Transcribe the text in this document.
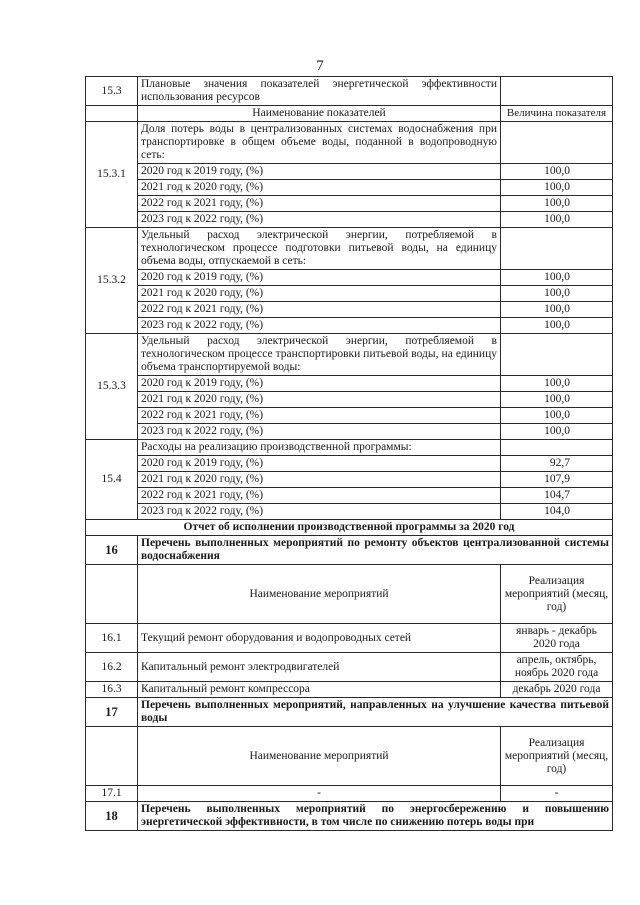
7
15.3	Плановые значения показателей энергетической эффективности использования ресурсов	
	Наименование показателей	Величина показателя
15.3.1	Доля потерь воды в централизованных системах водоснабжения при транспортировке в общем объеме воды, поданной в водопроводную сеть:	
	2020 год к 2019 году, (%)	100,0
	2021 год к 2020 году, (%)	100,0
	2022 год к 2021 году, (%)	100,0
	2023 год к 2022 году, (%)	100,0
15.3.2	Удельный расход электрической энергии, потребляемой в технологическом процессе подготовки питьевой воды, на единицу объема воды, отпускаемой в сеть:	
	2020 год к 2019 году, (%)	100,0
	2021 год к 2020 году, (%)	100,0
	2022 год к 2021 году, (%)	100,0
	2023 год к 2022 году, (%)	100,0
15.3.3	Удельный расход электрической энергии, потребляемой в технологическом процессе транспортировки питьевой воды, на единицу объема транспортируемой воды:	
	2020 год к 2019 году, (%)	100,0
	2021 год к 2020 году, (%)	100,0
	2022 год к 2021 году, (%)	100,0
	2023 год к 2022 году, (%)	100,0
15.4	Расходы на реализацию производственной программы:	
	2020 год к 2019 году, (%)	92,7
	2021 год к 2020 году, (%)	107,9
	2022 год к 2021 году, (%)	104,7
	2023 год к 2022 году, (%)	104,0
Отчет об исполнении производственной программы за 2020 год		
16	Перечень выполненных мероприятий по ремонту объектов централизованной системы водоснабжения	
	Наименование мероприятий	Реализация мероприятий (месяц, год)
16.1	Текущий ремонт оборудования и водопроводных сетей	январь - декабрь 2020 года
16.2	Капитальный ремонт электродвигателей	апрель, октябрь, ноябрь 2020 года
16.3	Капитальный ремонт компрессора	декабрь 2020 года
17	Перечень выполненных мероприятий, направленных на улучшение качества питьевой воды	
	Наименование мероприятий	Реализация мероприятий (месяц, год)
17.1	-	-
18	Перечень выполненных мероприятий по энергосбережению и повышению энергетической эффективности, в том числе по снижению потерь воды при	
